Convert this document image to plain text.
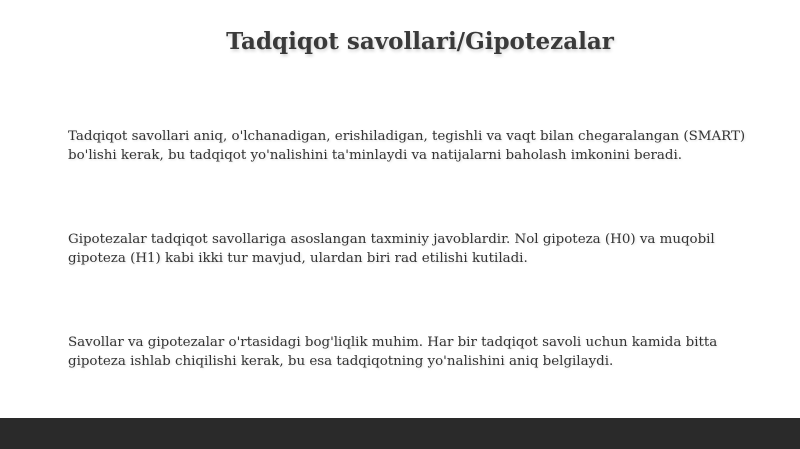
Tadqiqot savollari/Gipotezalar

Tadqiqot savollari aniq, o'lchanadigan, erishiladigan, tegishli va vaqt bilan chegaralangan (SMART) bo'lishi kerak, bu tadqiqot yo'nalishini ta'minlaydi va natijalarni baholash imkonini beradi.

Gipotezalar tadqiqot savollariga asoslangan taxminiy javoblardir. Nol gipoteza (H0) va muqobil gipoteza (H1) kabi ikki tur mavjud, ulardan biri rad etilishi kutiladi.

Savollar va gipotezalar o'rtasidagi bog'liqlik muhim. Har bir tadqiqot savoli uchun kamida bitta gipoteza ishlab chiqilishi kerak, bu esa tadqiqotning yo'nalishini aniq belgilaydi.
